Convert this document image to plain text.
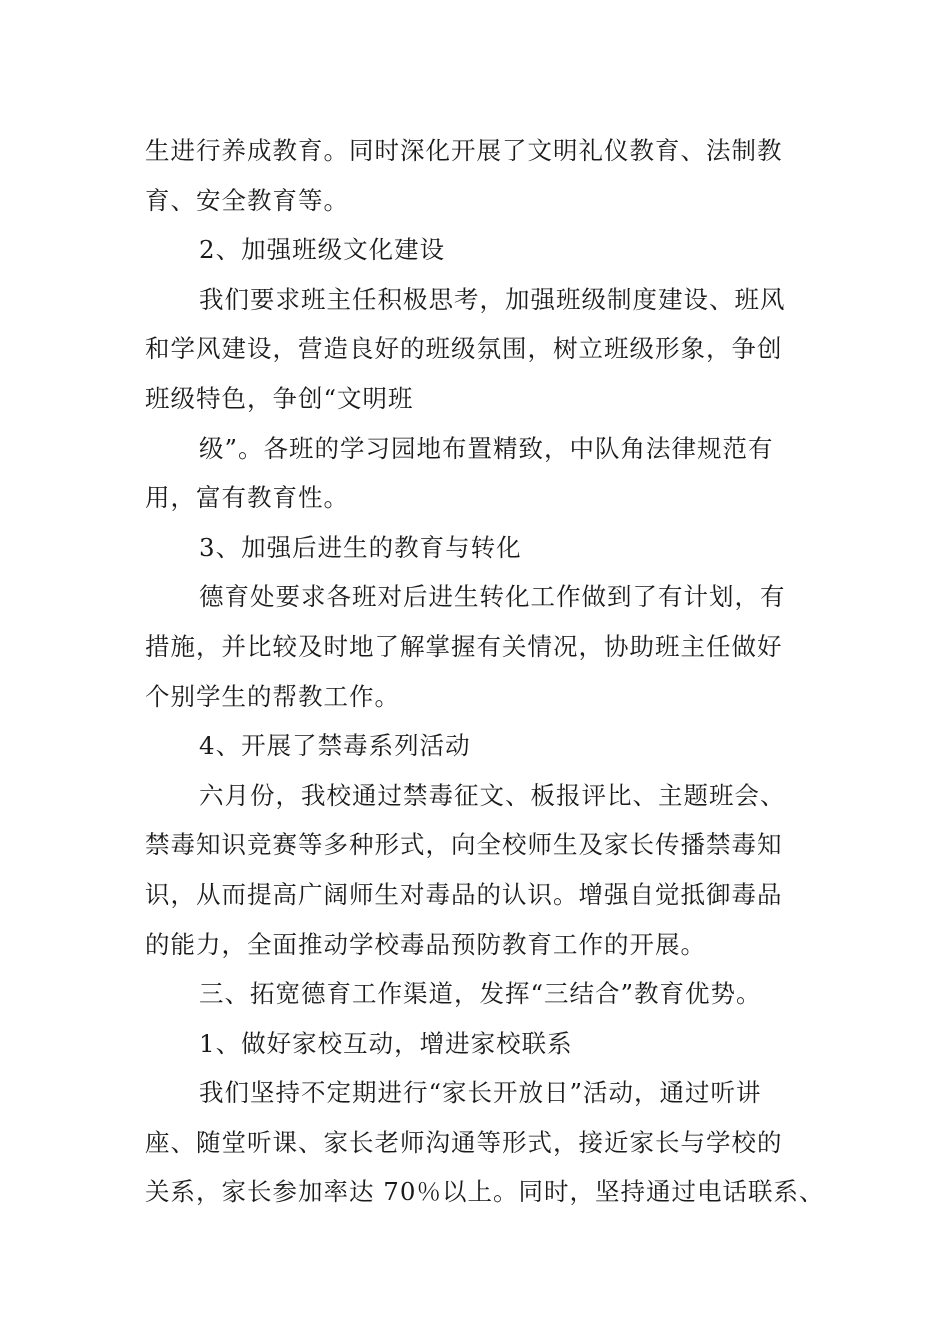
生进行养成教育。同时深化开展了文明礼仪教育、法制教
育、安全教育等。
2、加强班级文化建设
我们要求班主任积极思考，加强班级制度建设、班风
和学风建设，营造良好的班级氛围，树立班级形象，争创
班级特色，争创“文明班
级”。各班的学习园地布置精致，中队角法律规范有
用，富有教育性。
3、加强后进生的教育与转化
德育处要求各班对后进生转化工作做到了有计划，有
措施，并比较及时地了解掌握有关情况，协助班主任做好
个别学生的帮教工作。
4、开展了禁毒系列活动
六月份，我校通过禁毒征文、板报评比、主题班会、
禁毒知识竞赛等多种形式，向全校师生及家长传播禁毒知
识，从而提高广阔师生对毒品的认识。增强自觉抵御毒品
的能力，全面推动学校毒品预防教育工作的开展。
三、拓宽德育工作渠道，发挥“三结合”教育优势。
1、做好家校互动，增进家校联系
我们坚持不定期进行“家长开放日”活动，通过听讲
座、随堂听课、家长老师沟通等形式，接近家长与学校的
关系，家长参加率达 70％以上。同时，坚持通过电话联系、
